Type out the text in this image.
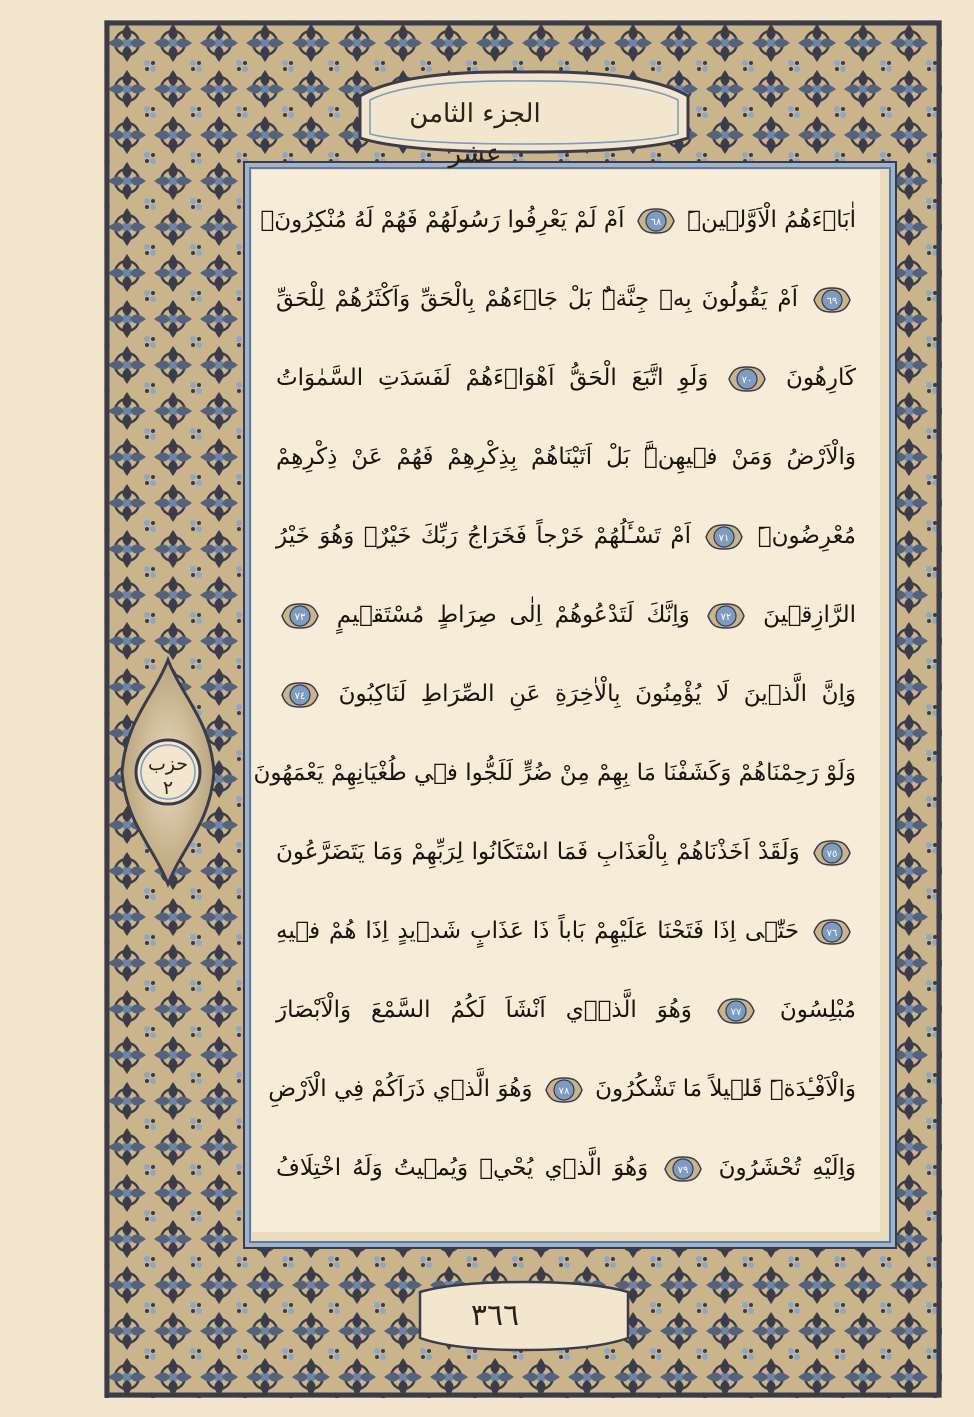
الجزء الثامن عشر
حزب
٢
٣٦٦
اٰبَاۤءَهُمُ الْاَوَّل۪ينَۜ
٦٨
اَمْ لَمْ يَعْرِفُوا رَسُولَهُمْ فَهُمْ لَهُ مُنْكِرُونَۘ
٦٩
اَمْ يَقُولُونَ بِه۪ جِنَّةٌۜ بَلْ جَاۤءَهُمْ بِالْحَقِّ وَاَكْثَرُهُمْ لِلْحَقِّ
كَارِهُونَ
٧٠
وَلَوِ اتَّبَعَ الْحَقُّ اَهْوَاۤءَهُمْ لَفَسَدَتِ السَّمٰوَاتُ
وَالْاَرْضُ وَمَنْ ف۪يهِنَّۜ بَلْ اَتَيْنَاهُمْ بِذِكْرِهِمْ فَهُمْ عَنْ ذِكْرِهِمْ
مُعْرِضُونَۜ
٧١
اَمْ تَسْـَٔلُهُمْ خَرْجاً فَخَرَاجُ رَبِّكَ خَيْرٌۗ وَهُوَ خَيْرُ
الرَّازِق۪ينَ
٧٢
وَاِنَّكَ لَتَدْعُوهُمْ اِلٰى صِرَاطٍ مُسْتَق۪يمٍ
٧٣
وَاِنَّ الَّذ۪ينَ لَا يُؤْمِنُونَ بِالْاٰخِرَةِ عَنِ الصِّرَاطِ لَنَاكِبُونَ
٧٤
وَلَوْ رَحِمْنَاهُمْ وَكَشَفْنَا مَا بِهِمْ مِنْ ضُرٍّ لَلَجُّوا ف۪ي طُغْيَانِهِمْ يَعْمَهُونَ
٧٥
وَلَقَدْ اَخَذْنَاهُمْ بِالْعَذَابِ فَمَا اسْتَكَانُوا لِرَبِّهِمْ وَمَا يَتَضَرَّعُونَ
٧٦
حَتّٰۤى اِذَا فَتَحْنَا عَلَيْهِمْ بَاباً ذَا عَذَابٍ شَد۪يدٍ اِذَا هُمْ ف۪يهِ
مُبْلِسُونَ
٧٧
وَهُوَ الَّذ۪ۤي اَنْشَاَ لَكُمُ السَّمْعَ وَالْاَبْصَارَ
وَالْاَفْـِٔدَةَۜ قَل۪يلاً مَا تَشْكُرُونَ
٧٨
وَهُوَ الَّذ۪ي ذَرَاَكُمْ فِي الْاَرْضِ
وَاِلَيْهِ تُحْشَرُونَ
٧٩
وَهُوَ الَّذ۪ي يُحْي۪ وَيُم۪يتُ وَلَهُ اخْتِلَافُ
